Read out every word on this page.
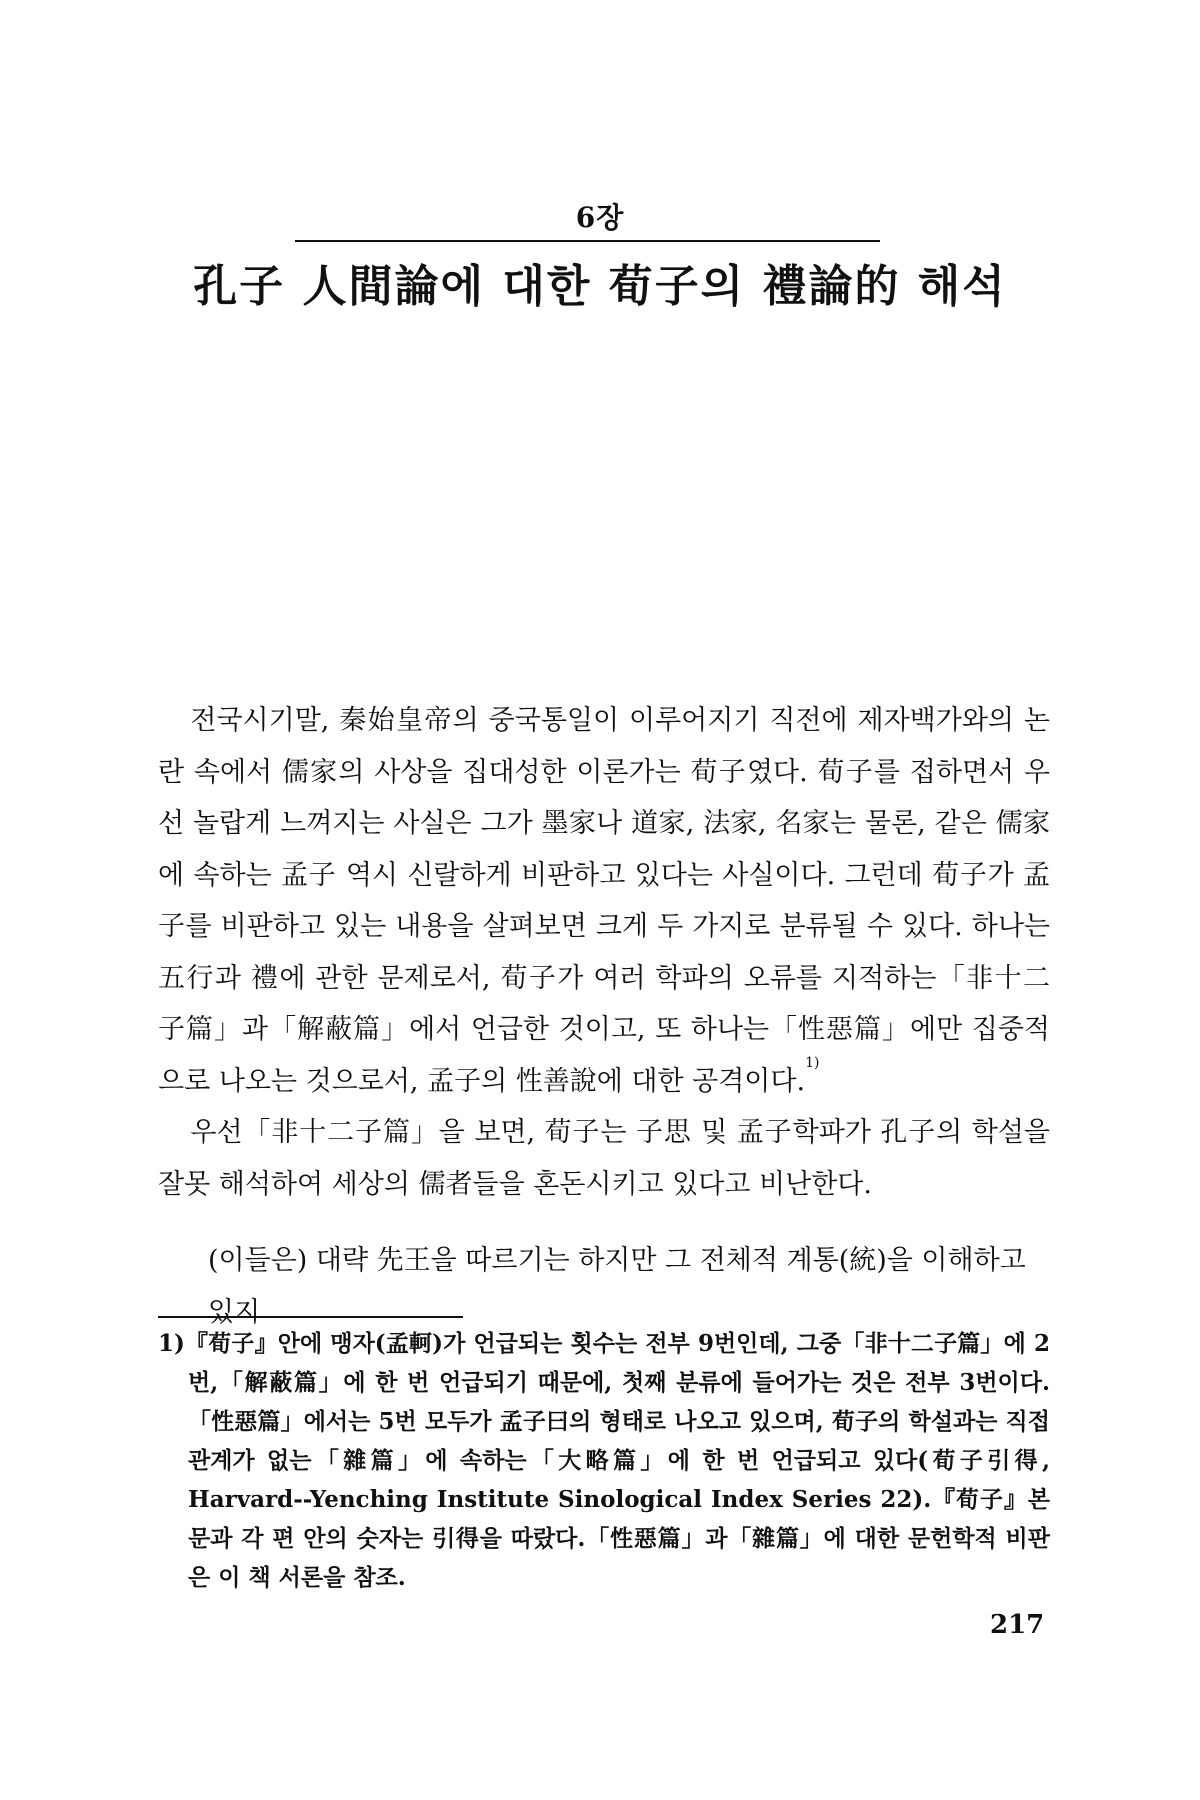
6장
孔子 人間論에 대한 荀子의 禮論的 해석

전국시기말, 秦始皇帝의 중국통일이 이루어지기 직전에 제자백가와의 논란 속에서 儒家의 사상을 집대성한 이론가는 荀子였다. 荀子를 접하면서 우선 놀랍게 느껴지는 사실은 그가 墨家나 道家, 法家, 名家는 물론, 같은 儒家에 속하는 孟子 역시 신랄하게 비판하고 있다는 사실이다. 그런데 荀子가 孟子를 비판하고 있는 내용을 살펴보면 크게 두 가지로 분류될 수 있다. 하나는 五行과 禮에 관한 문제로서, 荀子가 여러 학파의 오류를 지적하는「非十二子篇」과「解蔽篇」에서 언급한 것이고, 또 하나는「性惡篇」에만 집중적으로 나오는 것으로서, 孟子의 性善說에 대한 공격이다.$^{1)}$

우선「非十二子篇」을 보면, 荀子는 子思 및 孟子학파가 孔子의 학설을 잘못 해석하여 세상의 儒者들을 혼돈시키고 있다고 비난한다.

(이들은) 대략 先王을 따르기는 하지만 그 전체적 계통(統)을 이해하고 있지
1)『荀子』안에 맹자(孟軻)가 언급되는 횟수는 전부 9번인데, 그중「非十二子篇」에 2번,「解蔽篇」에 한 번 언급되기 때문에, 첫째 분류에 들어가는 것은 전부 3번이다.「性惡篇」에서는 5번 모두가 孟子曰의 형태로 나오고 있으며, 荀子의 학설과는 직접 관계가 없는「雜篇」에 속하는「大略篇」에 한 번 언급되고 있다(荀子引得, Harvard--Yenching Institute Sinological Index Series 22).『荀子』본문과 각 편 안의 숫자는 引得을 따랐다.「性惡篇」과「雜篇」에 대한 문헌학적 비판은 이 책 서론을 참조.
217
